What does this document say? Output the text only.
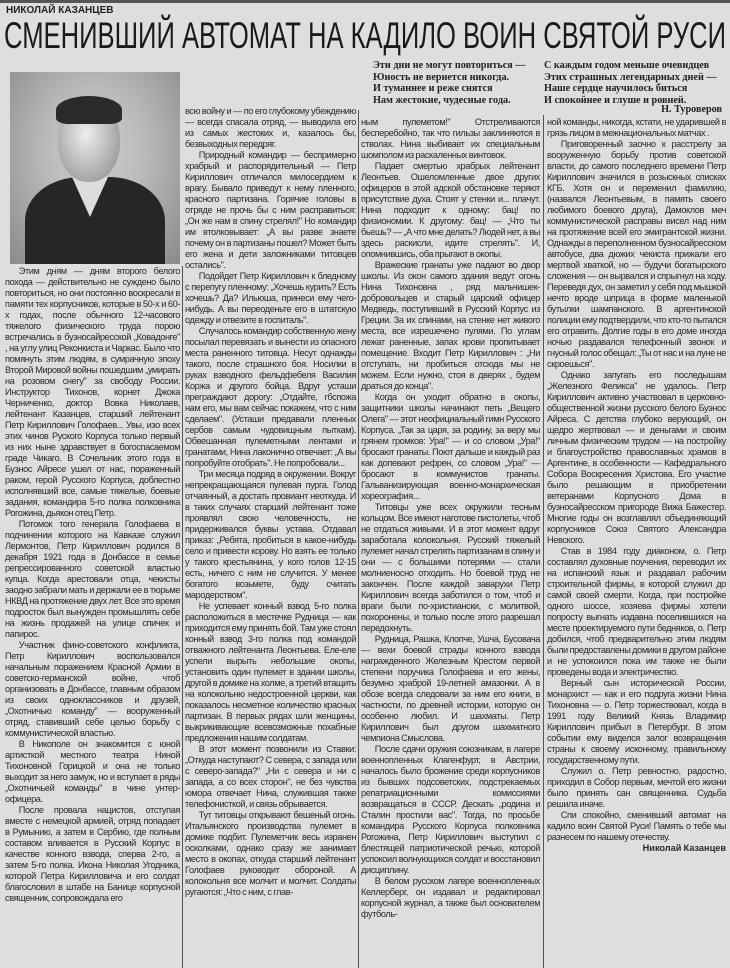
НИКОЛАЙ КАЗАНЦЕВ
СМЕНИВШИЙ АВТОМАТ НА КАДИЛО ВОИН СВЯТОЙ РУСИ
Эти дни не могут повториться —
Юность не вернется никогда.
И туманнее и реже снятся
Нам жестокие, чудесные года.
С каждым годом меньше очевидцев
Этих страшных легендарных дней —
Наше сердце научилось биться
И спокойнее и глуше и ровней.
Н. Туроверов

Этим дням — дням второго белого похода — действительно не суждено было повториться, но они постоянно воскресали в памяти тех корпусников, которые в 50-х и 60-х годах, после обычного 12-часового тяжелого физического труда порою встречались в бузносайресской „Ковадонге" , на углу улиц Реконкиста и Чаркас. Было что помянуть этим людям, в сумрачную эпоху Второй Мировой войны пошедшим „умирать на розовом снегу" за свободу России. Инструктор Тихонов, корнет Джока Черниченко, доктор Вовка Николаев, лейтенант Казанцев, старший лейтенант Петр Кириллович Голофаев... Увы, изо всех этих чинов Руского Корпуса только первый из них ныне здравствует в богоспасаемом граде Чикаго. В Сочельник этого года в Бузнос Айресе ушел от нас, пораженный раком, герой Русского Корпуса, доблестно исполнявший все, самые тяжелые, боевые задания, командира 5-го полка полковника Рогожина, дьякон отец Петр.

Потомок того генерала Голофаева в подчинении которого на Кавказе служил Лермонтов, Петр Кириллович родился 8 декабря 1921 года в Донбассе в семье репрессированного советской властью купца. Когда арестовали отца, чекисты заодно забрали мать и держали ее в тюрьме НКВД на протяжение двух лет. Все это время подросток был вынужден промышлять себе на жизнь продажей на улице спичек и папирос.

Участник фино-советского конфликта, Петр Кириллович воспользовался начальным поражением Красной Армии в советско-германской войне, чтоб организовать в Донбассе, главным образом из своих одноклассников и друзей, „Охотничью команду" — вооруженный отряд, ставивший себе целью борьбу с коммунистической властью.

В Никополе он знакомится с юной артисткой местного театра Ниной Тихоновной Горицкой и она не только выходит за него замуж, но и вступает в ряды „Охотничьей команды" в чине унтер-офицера.

После провала нацистов, отступая вместе с немецкой армией, отряд попадает в Румынию, а затем в Сербию, где полным составом вливается в Русский Корпус в качестве конного взвода, сперва 2-го, а затем 5-го полка. Икона Николая Угодника, которой Петра Кирилловича и его солдат благословил в штабе на Банице корпусной священник, сопровождала его

всю войну и — по его глубокому убеждению — всегда спасала отряд, — выводила его из самых жестоких и, казалось бы, безвыходных передряг.

Природный командир — беспримерно храбрый и распорядительный — Петр Кириллович отличался милосердием к врагу. Бывало приведут к нему пленного, красного партизана. Горячие головы в отряде не прочь бы с ним расправиться: „Он же нам в спину стрелял!" Но командир им втолковывает: „А вы разве знаете почему он в партизаны пошел? Может быть его жена и дети заложниками титовцев остались".

Подойдет Петр Кириллович к бледному с перепугу пленному: „Хочешь курить? Есть хочешь? Да? Ильюша, принеси ему чего-нибудь. А вы переоденьте его в штатскую одежду и отвезите в госпиталь".

Случалось командир собственную жену посылал перевязать и вынести из опасного места раненного титовца. Несут однажды такого, после страшного боя. Носилки в руках взводного фельдфебеля Василия Коржа и другого бойца. Вдруг усташи преграждают дорогу: „Отдайте, гбспожа нам его, мы вам сейчас покажем, что с ним сделаем". (Усташи предавали пленных сербов самым чудовищным пыткам). Обвешанная пулеметными лентами и гранатами, Нина лаконично отвечает: „А вы попробуйте отобрать". Не попробовали...

Три месяца подряд в окружении. Вокруг непрекращающаяся пулевая пурга. Голод отчаянный, а достать провиант неоткуда. И в таких случаях старший лейтенант тоже проявлял свою человечность, не придерживался буквы устава. Отдавал приказ: „Ребята, пробиться в какое-нибудь село и привести корову. Но взять ее только у такого крестьянина, у кого голов 12-15 есть, ничего с ним не случится. У менее богатого возьмете, буду считать мародерством".

Не успевает конный взвод 5-го полка расположиться в местечке Рудница — как приходится ему принять бой. Там уже стоял конный взвод 3-го полка под командой отважного лейтенанта Леонтьева. Еле-еле успели вырыть небольшие окопы, установить один пулемет в здании школы, другой в домике на холме, а третий втащить на колокольню недостроенной церкви, как показалось несметное количество красных партизан. В первых рядах шли женщины, выкрикивающие всевозможные похабные предложения нашим солдатам.

В этот момент позвонили из Ставки: „Откуда наступают? С севера, с запада или с северо-запада?" „Ни с севера и ни с запада, а со всех сторон", не без чувства юмора отвечает Нина, служившая также телефонисткой, и связь обрывается.

Тут титовцы открывают бешеный огонь. Итальянского производства пулемет в домике подбит. Пулеметчик весь изранен осколками, однако сразу же занимает место в окопах, откуда старший лейтенант Голофаев руководит обороной. А колокольня все молчит и молчит. Солдаты ругаются: „Что с ним, с глав-

ным пулеметом!" Отстреливаются бесперебойно, так что гильзы заклиняются в стволах. Нина выбивает их специальным шомполом из раскаленных винтовок.

Падает смертью храбрых лейтенант Леонтьев. Ошеломленные двое других офицеров в этой адской обстановке теряют присутствие духа. Стоят у стенки и... плачут. Нина подходит к одному: бац! по физиономии. К другому: бац! — „Что ты бьешь? — „А что мне делать? Людей нет, а вы здесь раскисли, идите стрелять". И, опомнившись, оба прыгают в окопы.

Вражеские гранаты уже падают во двор школы. Из окон самого здания ведут огонь Нина Тихоновна , ряд мальчишек-добровольцев и старый царский офицер Медведь, поступивший в Русский Корпус из Греции. За их спинами, на стенке нет живого места, все изрешечено пулями. По углам лежат раненные, запах крови пропитывает помещение. Входит Петр Кириллович : „Ни отступать, ни пробиться отсюда мы не можем. Если нужно, стоя в дверях , будем драться до конца".

Когда он уходит обратно в окопы, защитники школы начинают петь „Вещего Олега" — этот неофициальный гимн Русского Корпуса. „Так за царя, за родину, за веру мы грянем громков: Ура!" — и со словом „Ура!" бросают гранаты. Поют дальше и каждый раз как допевают рефрен, со словом „Ура!" — бросают в коммунистов гранаты. Гальванизирующая военно-монархическая хореография...

Титовцы уже всех окружили тесным кольцом. Все имеют наготове пистолеты, чтоб не отдаться живыми. И в этот момент вдруг заработала колокольня. Русский тяжелый пулемет начал стрелять партизанам в спину и они — с большими потерями — стали молниеносно отходить. Но боевой труд не закончен. После каждой заварухи Петр Кириллович всегда заботился о том, чтоб и враги были по-христиански, с молитвой, похоронены, и только после этого разрешал передохнуть.

Рудница, Рашка, Клопче, Ушча, Бусовача — вехи боевой страды конного взвода награжденного Железным Крестом первой степени поручика Голофаева и его жены, безумно храброй 19-летней амазонки. А в обозе всегда следовали за ним его книги, в частности, по древней истории, которую он особенно любил. И шахматы. Петр Кириллович был другом шахматного чемпиона Смыслова.

После сдачи оружия союзникам, в лагере военнопленных Клагенфурт, в Австрии, началось было брожение среди корпусников из бывших подсоветских, подстрекаемых репатриационными комиссиями возвращаться в СССР. Дескать „родина и Сталин простили вас". Тогда, по просьбе командира Русского Корпуса полковника Рогожина, Петр Кириллович выступил с блестящей патриотической речью, которой успокоил волнующихся солдат и восстановил дисциплину.

В белом русском лагере военнопленных Келлерберг, он издавал и редактировал корпусной журнал, а также был основателем футболь-

ной команды, никогда, кстати, не ударившей в грязь лицом в межнациональных матчах .

Приговоренный заочно к расстрелу за вооруженную борьбу против советской власти, до самого последнего времени Петр Кириллович значился в розыскных списках КГБ. Хотя он и переменил фамилию, (назвался Леонтьевым, в память своего любимого боевого друга), Дамоклов меч коммунистической расправы висел над ним на протяжение всей его эмигрантской жизни. Однажды в переполненном бузносайресском автобусе, два дюжих чекиста прижали его мертвой хваткой, но — будучи богатырского сложения — он вырвался и спрыгнул на ходу. Переведя дух, он заметил у себя под мышкой нечто вроде шприца в форме маленькой бутылки шампанского. В аргентинской полиции ему подтвердили, что кто-то пытался его отравить. Долгие годы в его доме иногда ночью раздавался телефонный звонок и гнусный голос обещал: „Ты от нас и на луне не скроешься".

Однако запугать его последышам „Железного Феликса" не удалось. Петр Кириллович активно участвовал в церковно-общественной жизни русского белого Буэнос Айреса. С детства глубоко верующий, он щедро жертвовал — и деньгами и своим личным физическим трудом — на постройку и благоустройство православных храмов в Аргентине, в особенности — Кафедрального Собора Воскресения Христова. Его участие было решающим в приобретении ветеранами Корпусного Дома в бузносайресском пригороде Вижа Бажестер. Многие годы он возглавлял объединяющий корпусников Союз Святого Александра Невского.

Став в 1984 году диаконом, о. Петр составлял духовные поучения, переводил их на испанский язык и раздавал рабочим строительной фирмы, в которой служил до самой своей смерти. Когда, при постройке одного шоссе, хозяева фирмы хотели попросту выгнать издавна поселившихся на месте проектируемого пути бедняков, о. Петр добился, чтоб предварительно этим людям были предоставлены домики в другом районе и не успокоился пока им также не были проведены вода и электричество.

Верный сын исторической России, монархист — как и его подруга жизни Нина Тихоновна — о. Петр торжествовал, когда в 1991 году Великий Князь Владимир Кириллович прибыл в Петербург. В этом событии ему виделся залог возвращения страны к своему исконному, правильному государственному пути.

Служил о. Петр ревностно, радостно, приходил в Собор первым, мечтой его жизни было принять сан священника. Судьба решила иначе.

Спи спокойно, сменивший автомат на кадило воин Святой Руси! Память о тебе мы разнесем по нашему отечеству.

Николай Казанцев
